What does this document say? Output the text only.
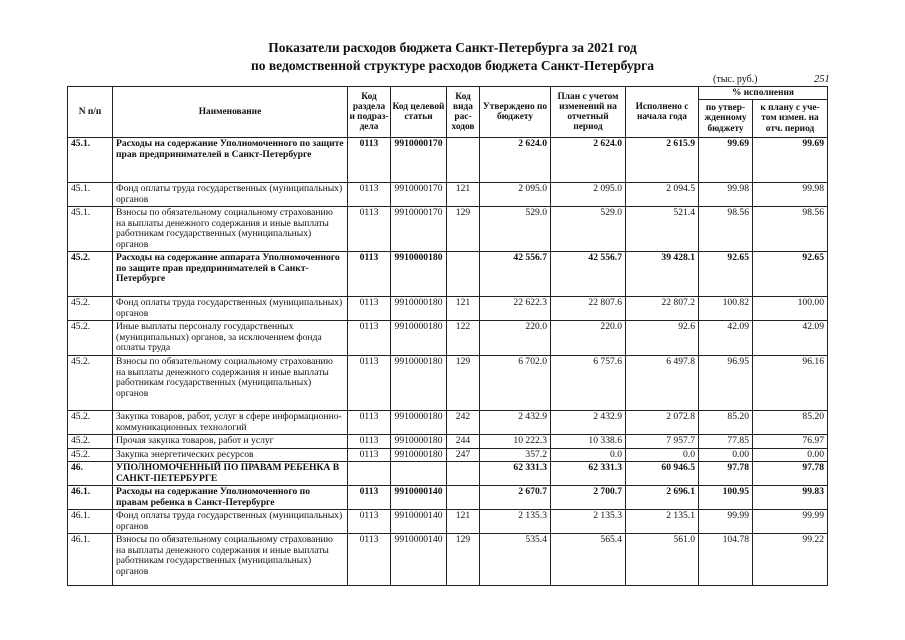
Показатели расходов бюджета Санкт-Петербурга за 2021 год
по ведомственной структуре расходов бюджета Санкт-Петербурга
(тыс. руб.)	251
N п/п	Наименование	Код раздела и подраз-дела	Код целевой статьи	Код вида рас-ходов	Утверждено по бюджету	План с учетом изменений на отчетный период	Исполнено с начала года	% исполнения	
								по утвер-жденному бюджету	к плану с уче-том измен. на отч. период
45.1.	Расходы на содержание Уполномоченного по защите прав предпринимателей в Санкт-Петербурге	0113	9910000170		2 624.0	2 624.0	2 615.9	99.69	99.69
45.1.	Фонд оплаты труда государственных (муниципальных) органов	0113	9910000170	121	2 095.0	2 095.0	2 094.5	99.98	99.98
45.1.	Взносы по обязательному социальному страхованию на выплаты денежного содержания и иные выплаты работникам государственных (муниципальных) органов	0113	9910000170	129	529.0	529.0	521.4	98.56	98.56
45.2.	Расходы на содержание аппарата Уполномоченного по защите прав предпринимателей в Санкт-Петербурге	0113	9910000180		42 556.7	42 556.7	39 428.1	92.65	92.65
45.2.	Фонд оплаты труда государственных (муниципальных) органов	0113	9910000180	121	22 622.3	22 807.6	22 807.2	100.82	100.00
45.2.	Иные выплаты персоналу государственных (муниципальных) органов, за исключением фонда оплаты труда	0113	9910000180	122	220.0	220.0	92.6	42.09	42.09
45.2.	Взносы по обязательному социальному страхованию на выплаты денежного содержания и иные выплаты работникам государственных (муниципальных) органов	0113	9910000180	129	6 702.0	6 757.6	6 497.8	96.95	96.16
45.2.	Закупка товаров, работ, услуг в сфере информационно-коммуникационных технологий	0113	9910000180	242	2 432.9	2 432.9	2 072.8	85.20	85.20
45.2.	Прочая закупка товаров, работ и услуг	0113	9910000180	244	10 222.3	10 338.6	7 957.7	77.85	76.97
45.2.	Закупка энергетических ресурсов	0113	9910000180	247	357.2	0.0	0.0	0.00	0.00
46.	УПОЛНОМОЧЕННЫЙ ПО ПРАВАМ РЕБЕНКА В САНКТ-ПЕТЕРБУРГЕ				62 331.3	62 331.3	60 946.5	97.78	97.78
46.1.	Расходы на содержание Уполномоченного по правам ребенка в Санкт-Петербурге	0113	9910000140		2 670.7	2 700.7	2 696.1	100.95	99.83
46.1.	Фонд оплаты труда государственных (муниципальных) органов	0113	9910000140	121	2 135.3	2 135.3	2 135.1	99.99	99.99
46.1.	Взносы по обязательному социальному страхованию на выплаты денежного содержания и иные выплаты работникам государственных (муниципальных) органов	0113	9910000140	129	535.4	565.4	561.0	104.78	99.22
